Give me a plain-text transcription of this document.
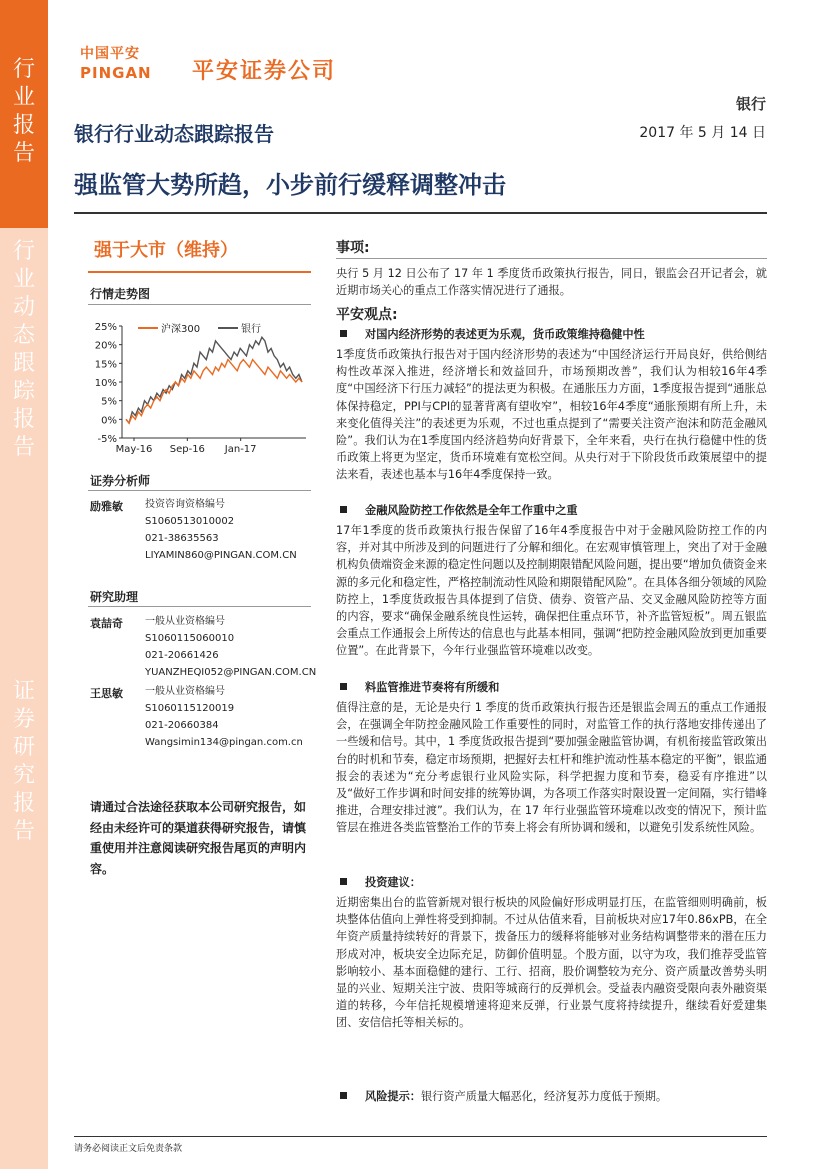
行
业
报
告
行
业
动
态
跟
踪
报
告
证
券
研
究
报
告
中国平安
PINGAN 平安证券公司
银行
银行行业动态跟踪报告	2017 年 5 月 14 日
强监管大势所趋，小步前行缓释调整冲击
强于大市（维持）
行情走势图
25%
20%
15%
10%
5%
0%
-5%
May-16 Sep-16 Jan-17
沪深300	银行
证券分析师
励雅敏 投资咨询资格编号
S1060513010002
021-38635563
LIYAMIN860@PINGAN.COM.CN
研究助理
袁喆奇 一般从业资格编号
S1060115060010
021-20661426
YUANZHEQI052@PINGAN.COM.CN
王思敏 一般从业资格编号
S1060115120019
021-20660384
Wangsimin134@pingan.com.cn
请通过合法途径获取本公司研究报告，如经由未经许可的渠道获得研究报告，请慎重使用并注意阅读研究报告尾页的声明内容。
事项:
央行 5 月 12 日公布了 17 年 1 季度货币政策执行报告，同日，银监会召开记者会，就近期市场关心的重点工作落实情况进行了通报。
平安观点:
对国内经济形势的表述更为乐观，货币政策维持稳健中性
1季度货币政策执行报告对于国内经济形势的表述为“中国经济运行开局良好，供给侧结构性改革深入推进，经济增长和效益回升，市场预期改善”，我们认为相较16年4季度“中国经济下行压力减轻”的提法更为积极。在通胀压力方面，1季度报告提到“通胀总体保持稳定，PPI与CPI的显著背离有望收窄”，相较16年4季度“通胀预期有所上升，未来变化值得关注”的表述更为乐观，不过也重点提到了“需要关注资产泡沫和防范金融风险”。我们认为在1季度国内经济趋势向好背景下，全年来看，央行在执行稳健中性的货币政策上将更为坚定，货币环境难有宽松空间。从央行对于下阶段货币政策展望中的提法来看，表述也基本与16年4季度保持一致。
金融风险防控工作依然是全年工作重中之重
17年1季度的货币政策执行报告保留了16年4季度报告中对于金融风险防控工作的内容，并对其中所涉及到的问题进行了分解和细化。在宏观审慎管理上，突出了对于金融机构负债端资金来源的稳定性问题以及控制期限错配风险问题，提出要“增加负债资金来源的多元化和稳定性，严格控制流动性风险和期限错配风险”。在具体各细分领域的风险防控上，1季度货政报告具体提到了信贷、债券、资管产品、交叉金融风险防控等方面的内容，要求“确保金融系统良性运转，确保把住重点环节，补齐监管短板”。周五银监会重点工作通报会上所传达的信息也与此基本相同，强调“把防控金融风险放到更加重要位置”。在此背景下，今年行业强监管环境难以改变。
料监管推进节奏将有所缓和
值得注意的是，无论是央行 1 季度的货币政策执行报告还是银监会周五的重点工作通报会，在强调全年防控金融风险工作重要性的同时，对监管工作的执行落地安排传递出了一些缓和信号。其中，1 季度货政报告提到“要加强金融监管协调，有机衔接监管政策出台的时机和节奏，稳定市场预期，把握好去杠杆和维护流动性基本稳定的平衡”，银监通报会的表述为“充分考虑银行业风险实际，科学把握力度和节奏，稳妥有序推进”以及“做好工作步调和时间安排的统筹协调，为各项工作落实时限设置一定间隔，实行错峰推进，合理安排过渡”。我们认为，在 17 年行业强监管环境难以改变的情况下，预计监管层在推进各类监管整治工作的节奏上将会有所协调和缓和，以避免引发系统性风险。
投资建议：
近期密集出台的监管新规对银行板块的风险偏好形成明显打压，在监管细则明确前，板块整体估值向上弹性将受到抑制。不过从估值来看，目前板块对应17年0.86xPB，在全年资产质量持续转好的背景下，拨备压力的缓释将能够对业务结构调整带来的潜在压力形成对冲，板块安全边际充足，防御价值明显。个股方面，以守为攻，我们推荐受监管影响较小、基本面稳健的建行、工行、招商，股价调整较为充分、资产质量改善势头明显的兴业、短期关注宁波、贵阳等城商行的反弹机会。受益表内融资受限向表外融资渠道的转移，今年信托规模增速将迎来反弹，行业景气度将持续提升，继续看好爱建集团、安信信托等相关标的。
风险提示：银行资产质量大幅恶化，经济复苏力度低于预期。
请务必阅读正文后免责条款
